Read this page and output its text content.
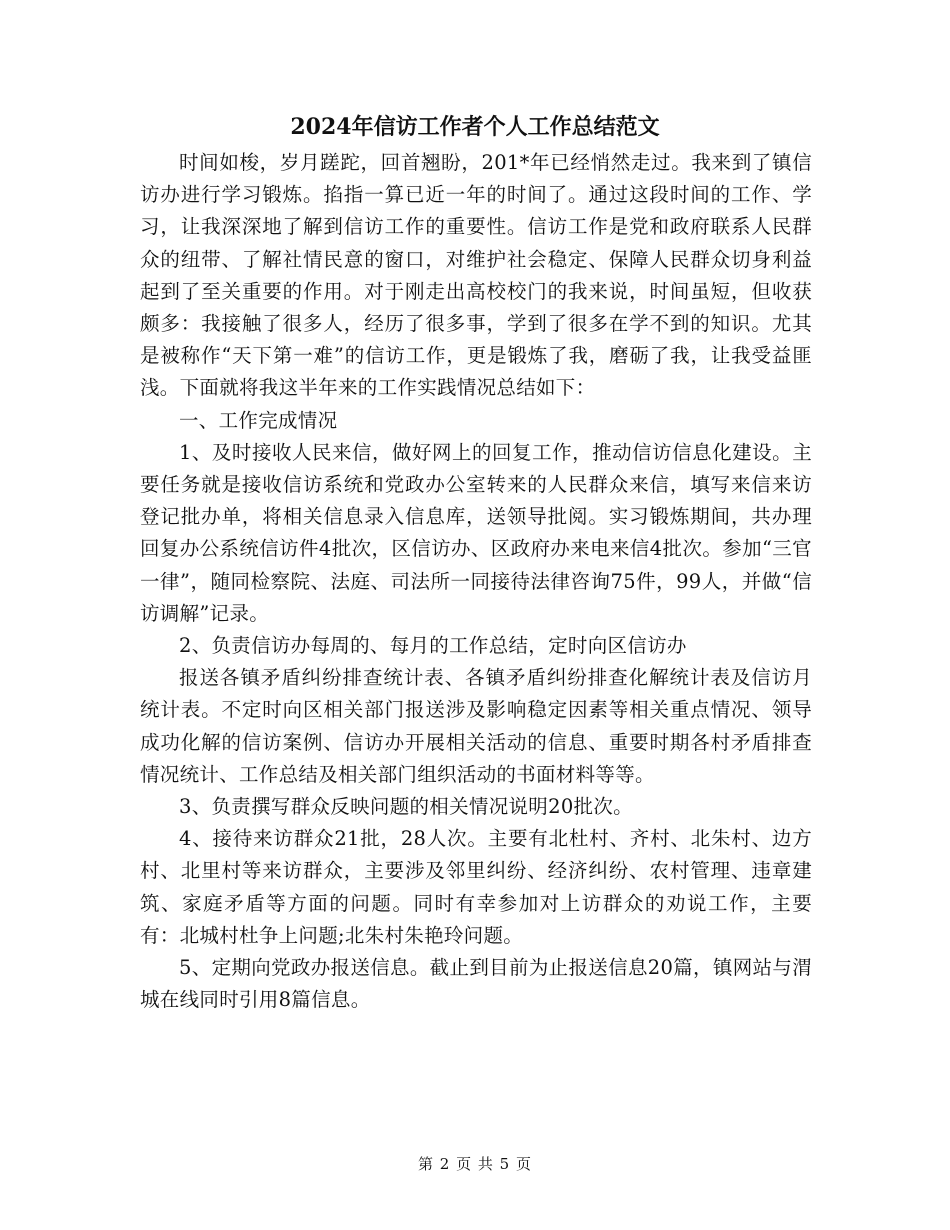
2024年信访工作者个人工作总结范文

时间如梭，岁月蹉跎，回首翘盼，201*年已经悄然走过。我来到了镇信访办进行学习锻炼。掐指一算已近一年的时间了。通过这段时间的工作、学习，让我深深地了解到信访工作的重要性。信访工作是党和政府联系人民群众的纽带、了解社情民意的窗口，对维护社会稳定、保障人民群众切身利益起到了至关重要的作用。对于刚走出高校校门的我来说，时间虽短，但收获颇多：我接触了很多人，经历了很多事，学到了很多在学不到的知识。尤其是被称作“天下第一难”的信访工作，更是锻炼了我，磨砺了我，让我受益匪浅。下面就将我这半年来的工作实践情况总结如下：

一、工作完成情况

1、及时接收人民来信，做好网上的回复工作，推动信访信息化建设。主要任务就是接收信访系统和党政办公室转来的人民群众来信，填写来信来访登记批办单，将相关信息录入信息库，送领导批阅。实习锻炼期间，共办理回复办公系统信访件4批次，区信访办、区政府办来电来信4批次。参加“三官一律”，随同检察院、法庭、司法所一同接待法律咨询75件，99人，并做“信访调解”记录。

2、负责信访办每周的、每月的工作总结，定时向区信访办

报送各镇矛盾纠纷排查统计表、各镇矛盾纠纷排查化解统计表及信访月统计表。不定时向区相关部门报送涉及影响稳定因素等相关重点情况、领导成功化解的信访案例、信访办开展相关活动的信息、重要时期各村矛盾排查情况统计、工作总结及相关部门组织活动的书面材料等等。

3、负责撰写群众反映问题的相关情况说明20批次。

4、接待来访群众21批，28人次。主要有北杜村、齐村、北朱村、边方村、北里村等来访群众，主要涉及邻里纠纷、经济纠纷、农村管理、违章建筑、家庭矛盾等方面的问题。同时有幸参加对上访群众的劝说工作，主要有：北城村杜争上问题;北朱村朱艳玲问题。

5、定期向党政办报送信息。截止到目前为止报送信息20篇，镇网站与渭城在线同时引用8篇信息。

第 2 页 共 5 页
